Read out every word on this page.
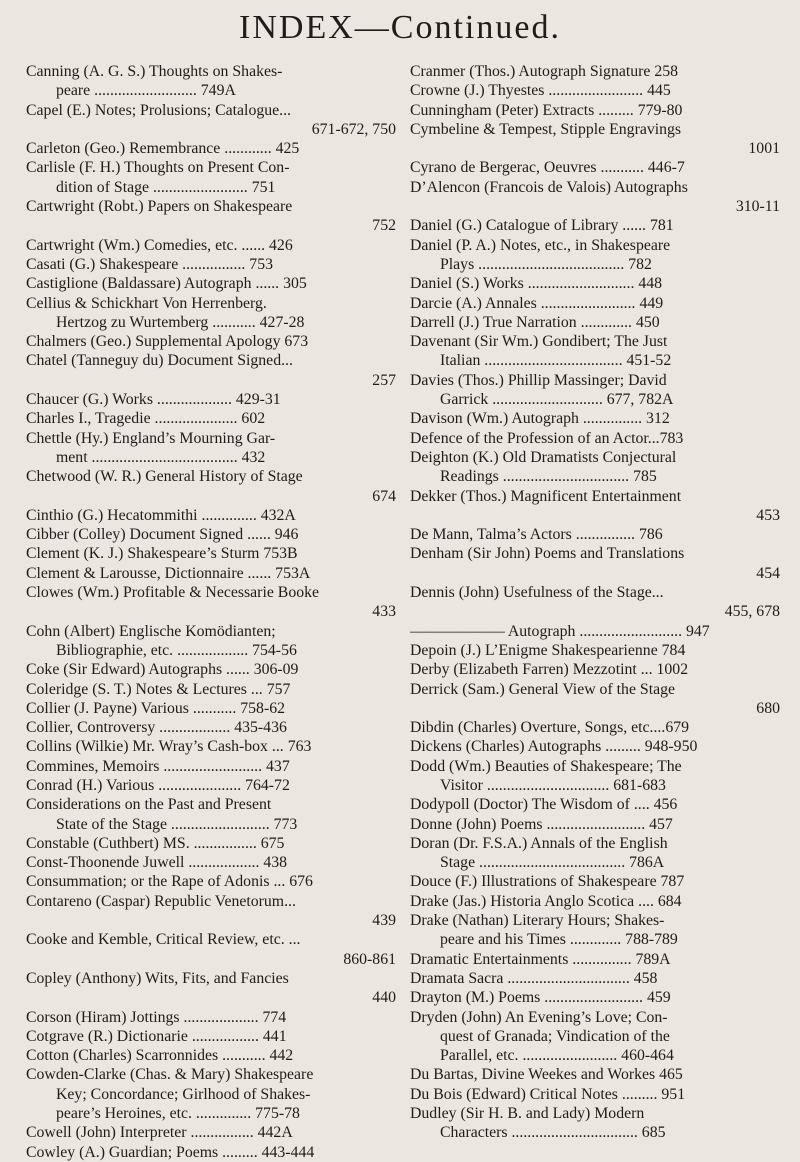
INDEX—Continued.
Canning (A. G. S.) Thoughts on Shakes-
peare .......................... 749A
Capel (E.) Notes; Prolusions; Catalogue...
671-672, 750
Carleton (Geo.) Remembrance ............ 425
Carlisle (F. H.) Thoughts on Present Con-
dition of Stage ........................ 751
Cartwright (Robt.) Papers on Shakespeare
752
Cartwright (Wm.) Comedies, etc. ...... 426
Casati (G.) Shakespeare ................ 753
Castiglione (Baldassare) Autograph ...... 305
Cellius & Schickhart Von Herrenberg.
Hertzog zu Wurtemberg ........... 427-28
Chalmers (Geo.) Supplemental Apology 673
Chatel (Tanneguy du) Document Signed...
257
Chaucer (G.) Works ................... 429-31
Charles I., Tragedie ..................... 602
Chettle (Hy.) England’s Mourning Gar-
ment ..................................... 432
Chetwood (W. R.) General History of Stage
674
Cinthio (G.) Hecatommithi .............. 432A
Cibber (Colley) Document Signed ...... 946
Clement (K. J.) Shakespeare’s Sturm 753B
Clement & Larousse, Dictionnaire ...... 753A
Clowes (Wm.) Profitable & Necessarie Booke
433
Cohn (Albert) Englische Komödianten;
Bibliographie, etc. .................. 754-56
Coke (Sir Edward) Autographs ...... 306-09
Coleridge (S. T.) Notes & Lectures ... 757
Collier (J. Payne) Various ........... 758-62
Collier, Controversy .................. 435-436
Collins (Wilkie) Mr. Wray’s Cash-box ... 763
Commines, Memoirs ......................... 437
Conrad (H.) Various ..................... 764-72
Considerations on the Past and Present
State of the Stage ......................... 773
Constable (Cuthbert) MS. ................ 675
Const-Thoonende Juwell .................. 438
Consummation; or the Rape of Adonis ... 676
Contareno (Caspar) Republic Venetorum...
439
Cooke and Kemble, Critical Review, etc. ...
860-861
Copley (Anthony) Wits, Fits, and Fancies
440
Corson (Hiram) Jottings ................... 774
Cotgrave (R.) Dictionarie ................. 441
Cotton (Charles) Scarronnides ........... 442
Cowden-Clarke (Chas. & Mary) Shakespeare
Key; Concordance; Girlhood of Shakes-
peare’s Heroines, etc. .............. 775-78
Cowell (John) Interpreter ................ 442A
Cowley (A.) Guardian; Poems ......... 443-444
Cranmer (Thos.) Autograph Signature 258
Crowne (J.) Thyestes ........................ 445
Cunningham (Peter) Extracts ......... 779-80
Cymbeline & Tempest, Stipple Engravings
1001
Cyrano de Bergerac, Oeuvres ........... 446-7
D’Alencon (Francois de Valois) Autographs
310-11
Daniel (G.) Catalogue of Library ...... 781
Daniel (P. A.) Notes, etc., in Shakespeare
Plays ..................................... 782
Daniel (S.) Works ........................... 448
Darcie (A.) Annales ........................ 449
Darrell (J.) True Narration ............. 450
Davenant (Sir Wm.) Gondibert; The Just
Italian ................................... 451-52
Davies (Thos.) Phillip Massinger; David
Garrick ............................ 677, 782A
Davison (Wm.) Autograph ............... 312
Defence of the Profession of an Actor...783
Deighton (K.) Old Dramatists Conjectural
Readings ................................ 785
Dekker (Thos.) Magnificent Entertainment
453
De Mann, Talma’s Actors ............... 786
Denham (Sir John) Poems and Translations
454
Dennis (John) Usefulness of the Stage...
455, 678
—————— Autograph .......................... 947
Depoin (J.) L’Enigme Shakespearienne 784
Derby (Elizabeth Farren) Mezzotint ... 1002
Derrick (Sam.) General View of the Stage
680
Dibdin (Charles) Overture, Songs, etc....679
Dickens (Charles) Autographs ......... 948-950
Dodd (Wm.) Beauties of Shakespeare; The
Visitor ............................... 681-683
Dodypoll (Doctor) The Wisdom of .... 456
Donne (John) Poems ......................... 457
Doran (Dr. F.S.A.) Annals of the English
Stage ..................................... 786A
Douce (F.) Illustrations of Shakespeare 787
Drake (Jas.) Historia Anglo Scotica .... 684
Drake (Nathan) Literary Hours; Shakes-
peare and his Times ............. 788-789
Dramatic Entertainments ............... 789A
Dramata Sacra ............................... 458
Drayton (M.) Poems ......................... 459
Dryden (John) An Evening’s Love; Con-
quest of Granada; Vindication of the
Parallel, etc. ........................ 460-464
Du Bartas, Divine Weekes and Workes 465
Du Bois (Edward) Critical Notes ......... 951
Dudley (Sir H. B. and Lady) Modern
Characters ................................ 685
